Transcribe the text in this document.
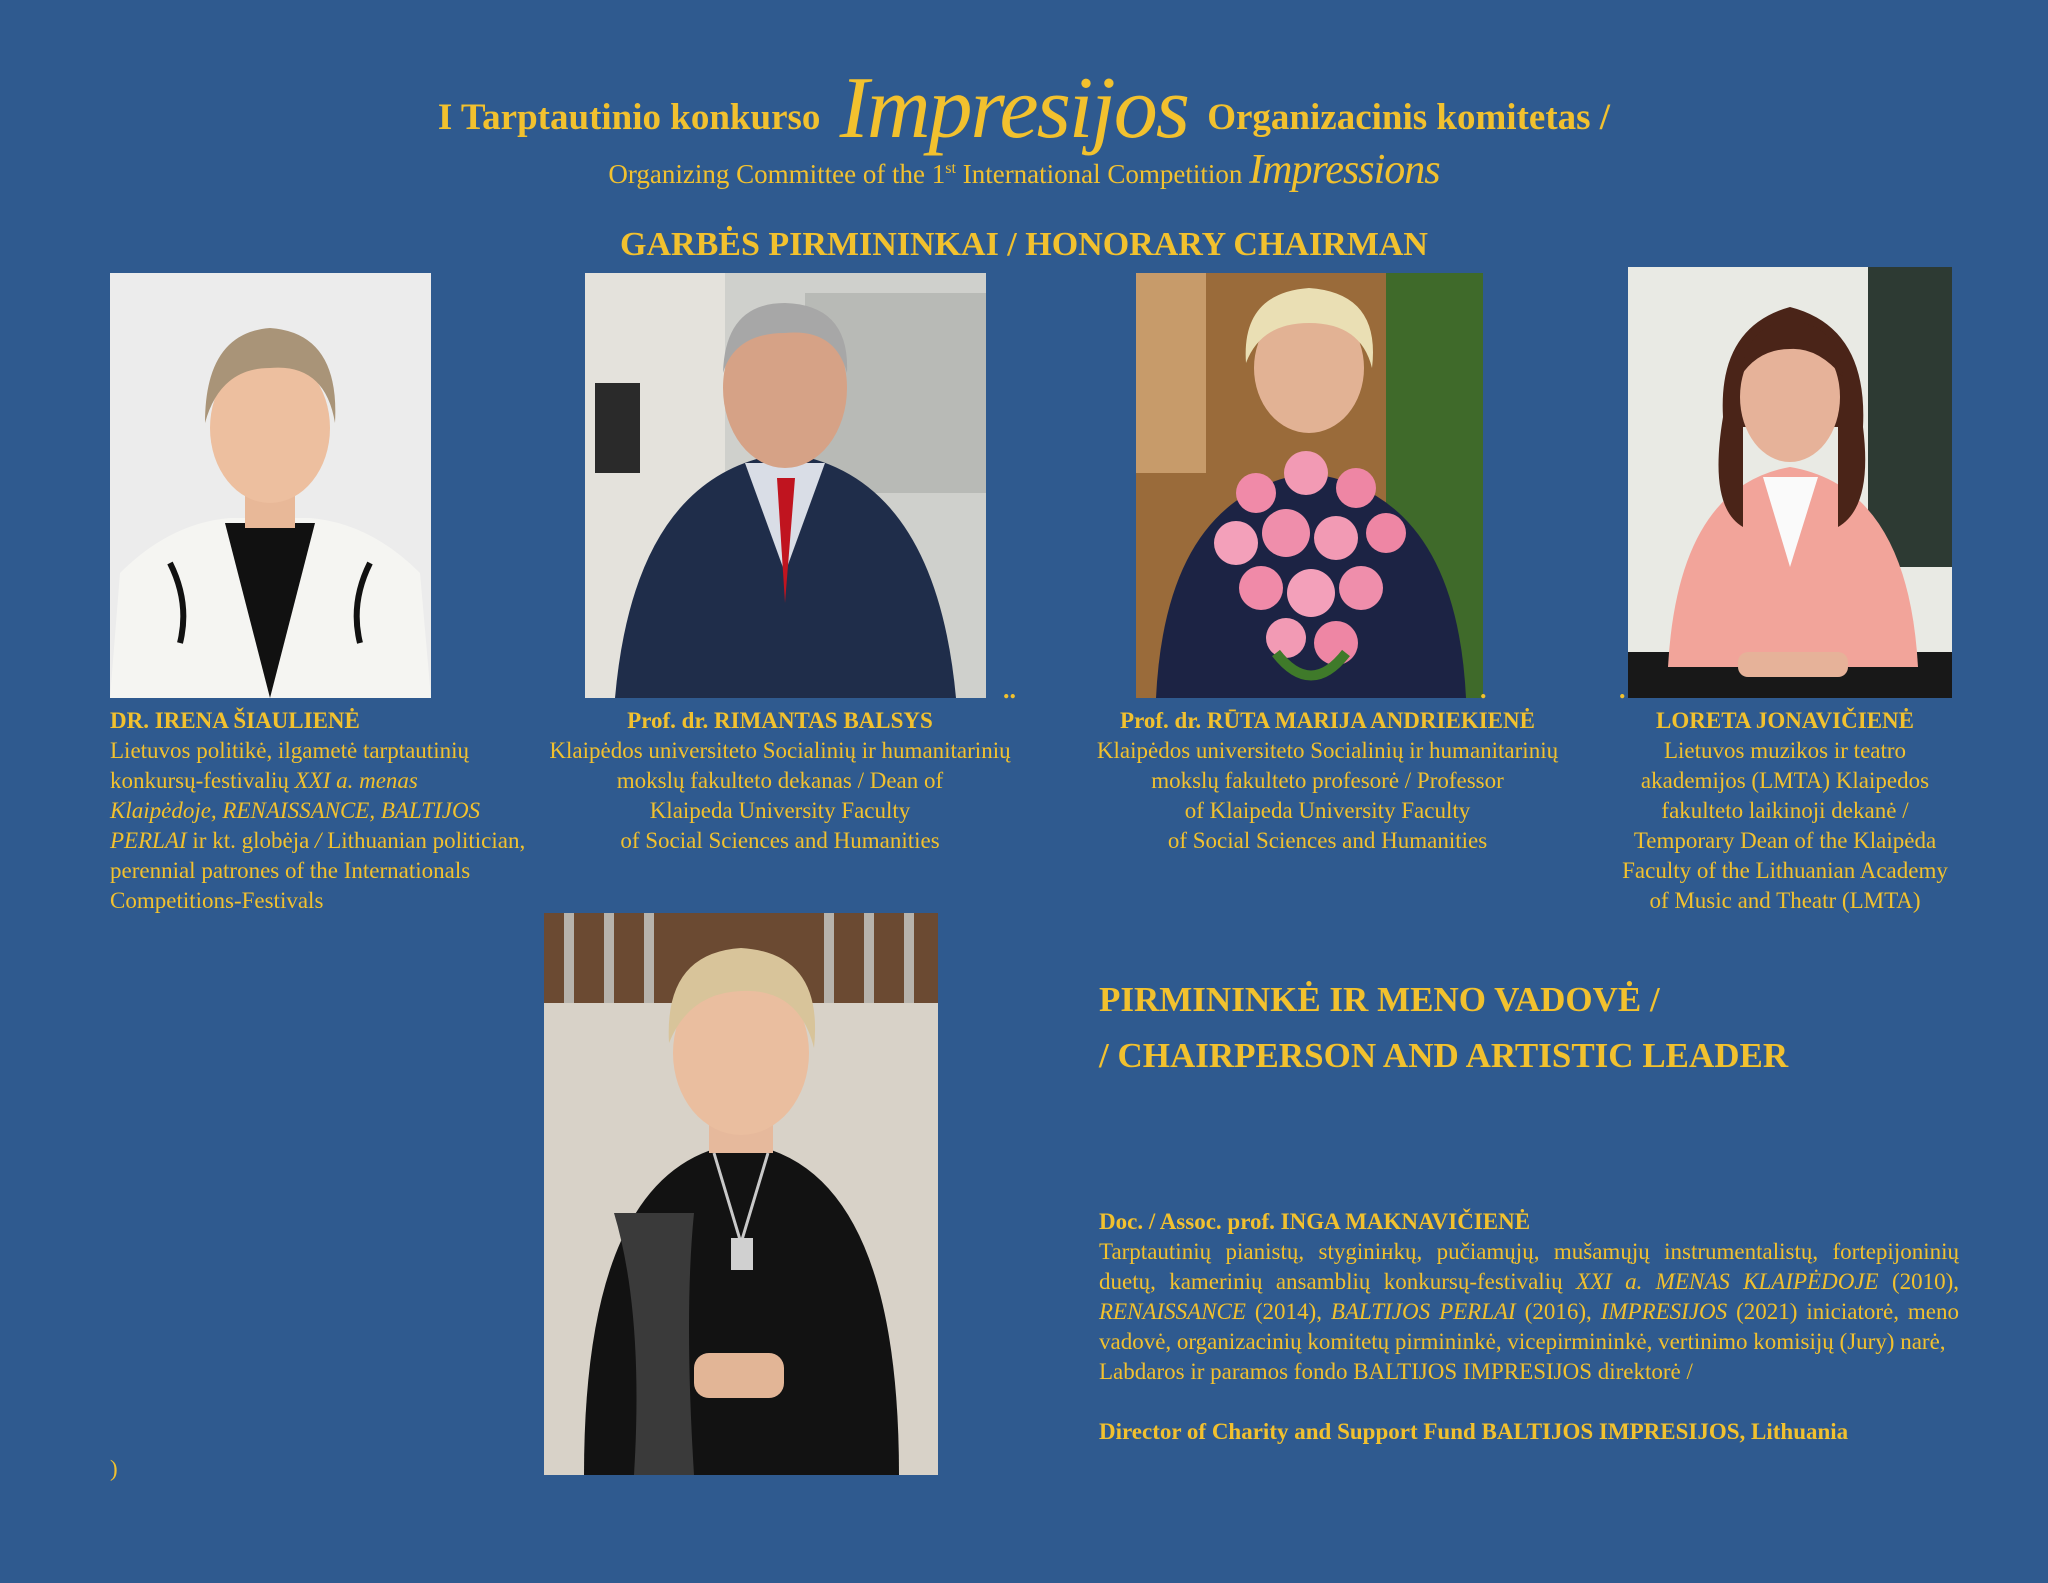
I Tarptautinio konkurso Impresijos Organizacinis komitetas /
Organizing Committee of the 1st International Competition Impressions
GARBĖS PIRMININKAI / HONORARY CHAIRMAN
..	.	.
DR. IRENA ŠIAULIENĖ
Lietuvos politikė, ilgametė tarptautinių
konkursų-festivalių XXI a. menas
Klaipėdoje, RENAISSANCE, BALTIJOS
PERLAI ir kt. globėja / Lithuanian politician,
perennial patrones of the Internationals
Competitions-Festivals
Prof. dr. RIMANTAS BALSYS
Klaipėdos universiteto Socialinių ir humanitarinių
mokslų fakulteto dekanas / Dean of
Klaipeda University Faculty
of Social Sciences and Humanities
Prof. dr. RŪTA MARIJA ANDRIEKIENĖ
Klaipėdos universiteto Socialinių ir humanitarinių
mokslų fakulteto profesorė / Professor
of Klaipeda University Faculty
of Social Sciences and Humanities
LORETA JONAVIČIENĖ
Lietuvos muzikos ir teatro
akademijos (LMTA) Klaipedos
fakulteto laikinoji dekanė /
Temporary Dean of the Klaipėda
Faculty of the Lithuanian Academy
of Music and Theatr (LMTA)
PIRMININKĖ IR MENO VADOVĖ /
/ CHAIRPERSON AND ARTISTIC LEADER
Doc. / Assoc. prof. INGA MAKNAVIČIENĖ
Tarptautinių pianistų, styginінkų, pučiamųjų, mušamųjų instrumentalistų, fortepijoninių duetų, kamerinių ansamblių konkursų-festivalių XXI a. MENAS KLAIPĖDOJE (2010), RENAISSANCE (2014), BALTIJOS PERLAI (2016), IMPRESIJOS (2021) iniciatorė, meno vadovė, organizacinių komitetų pirmininkė, vicepirmininkė, vertinimo komisijų (Jury) narė,
Labdaros ir paramos fondo BALTIJOS IMPRESIJOS direktorė /
Director of Charity and Support Fund BALTIJOS IMPRESIJOS, Lithuania
)
